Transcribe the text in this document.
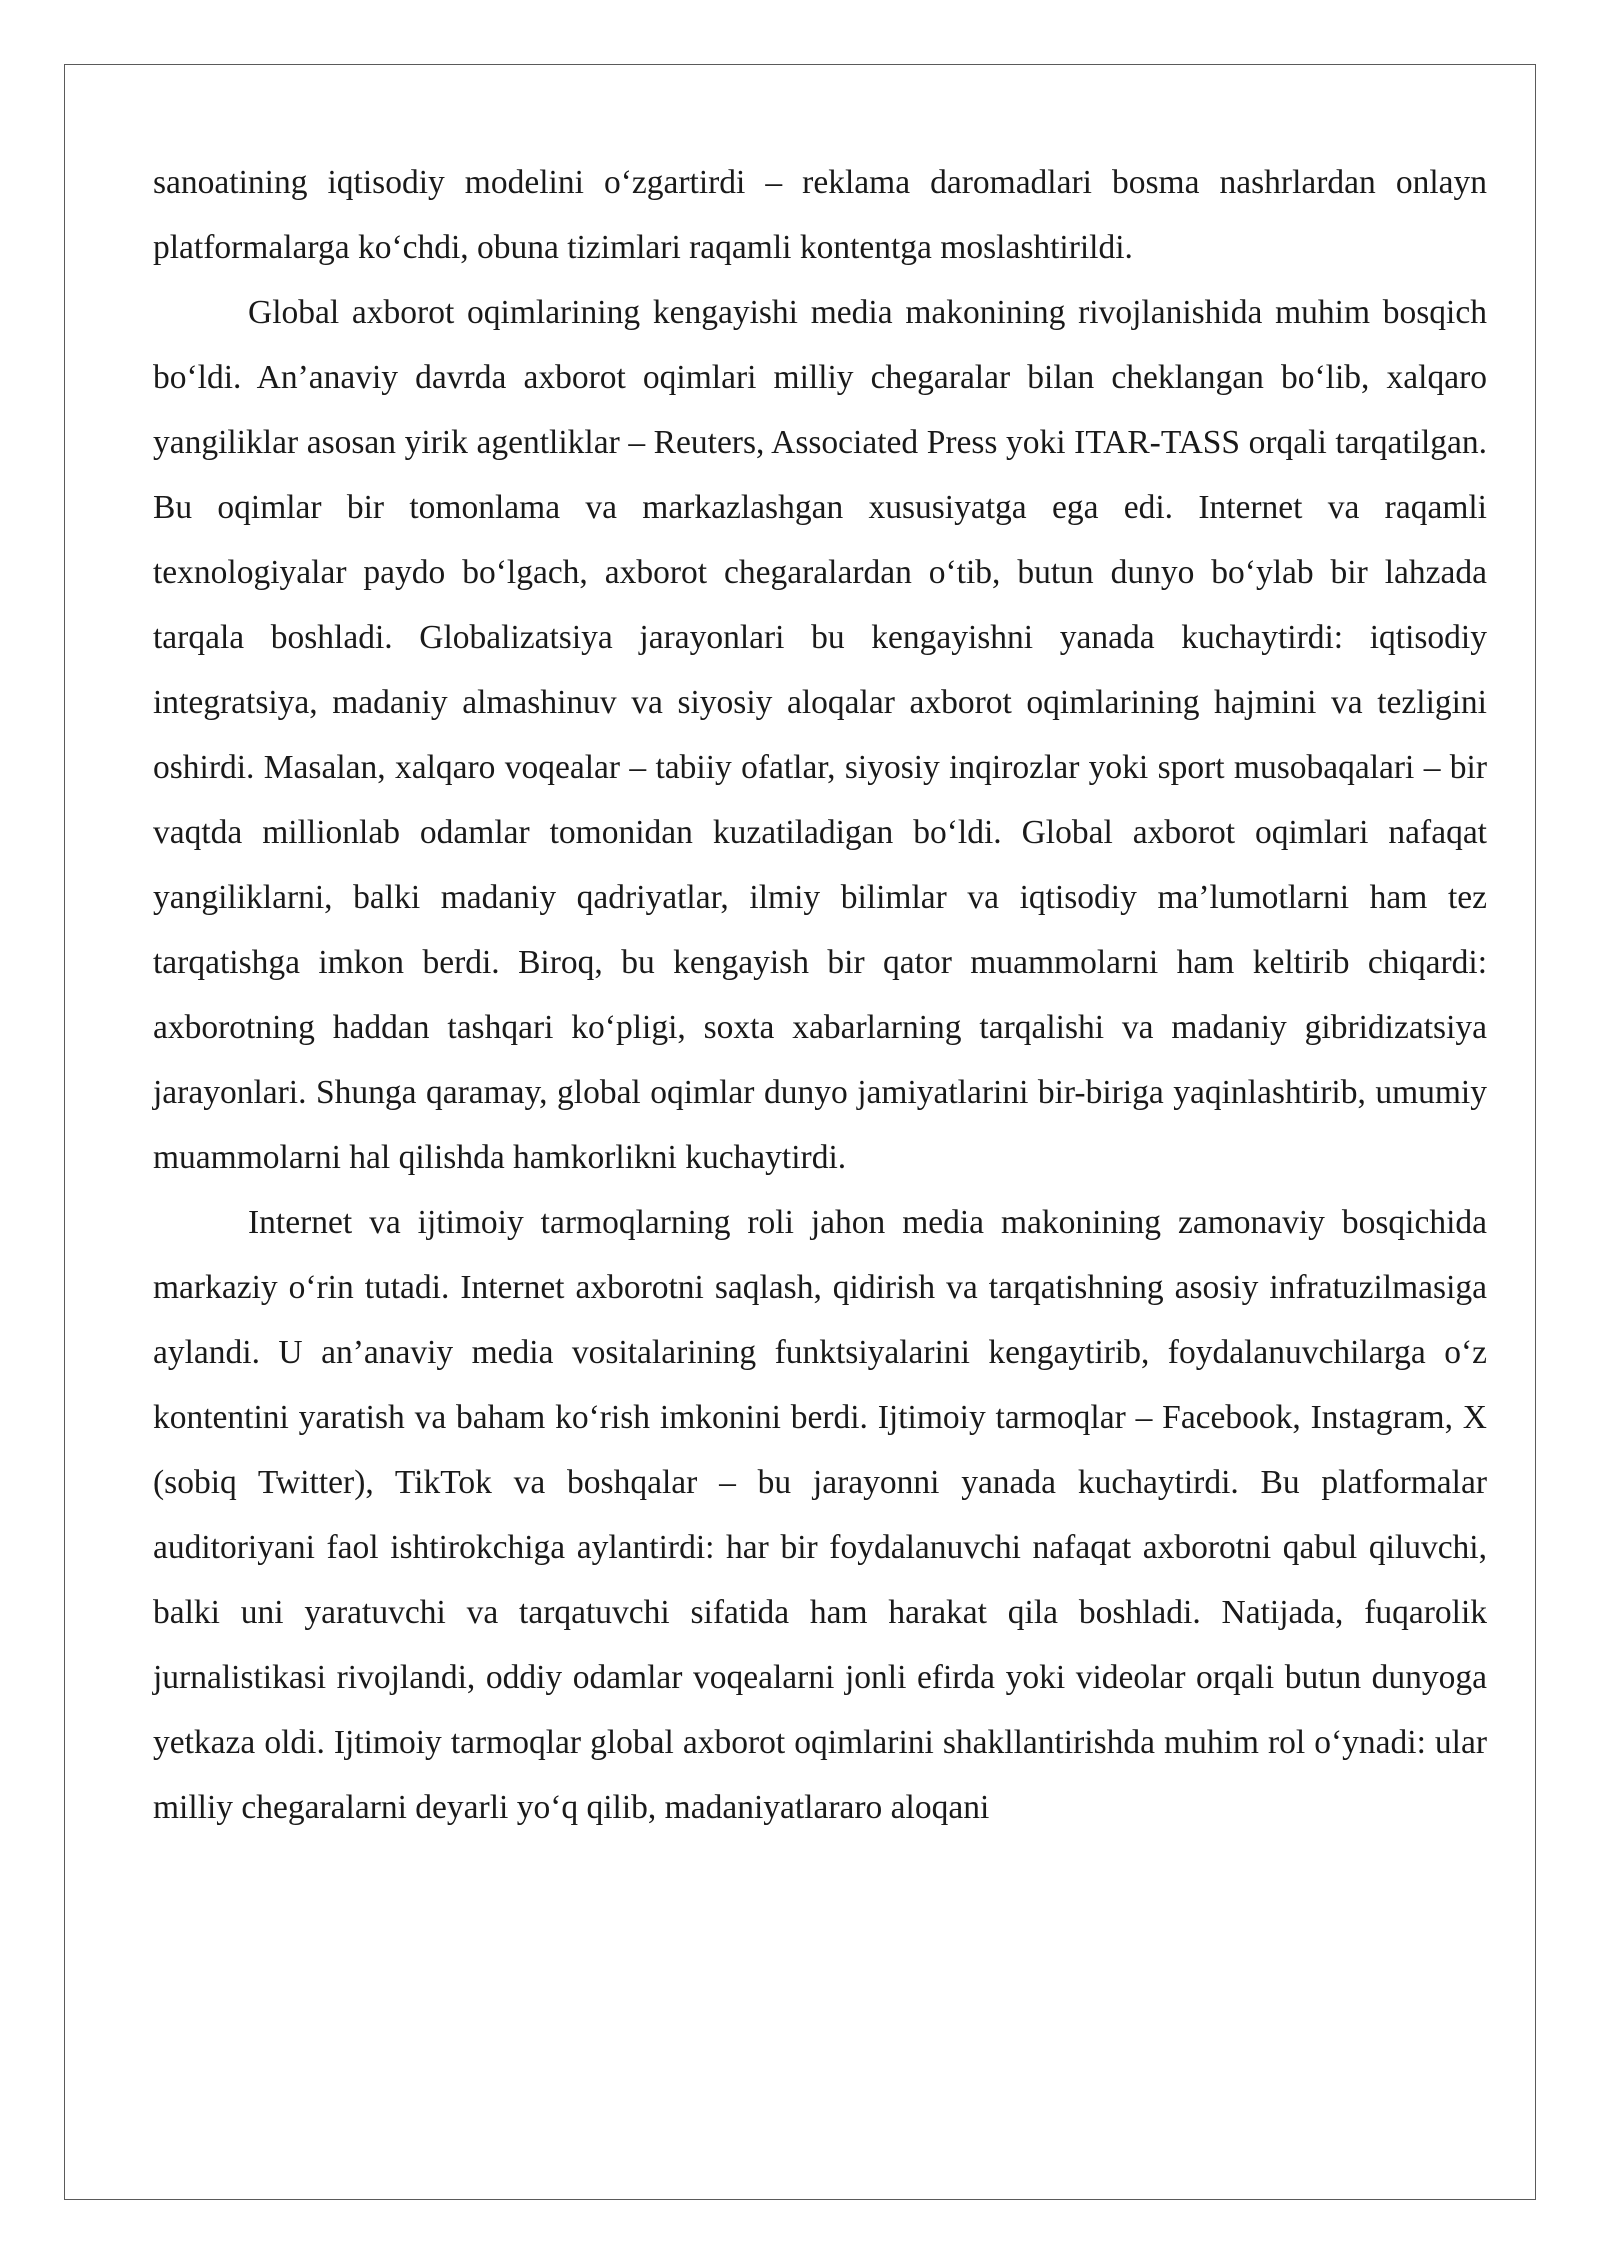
sanoatining iqtisodiy modelini o‘zgartirdi – reklama daromadlari bosma nashrlardan onlayn platformalarga ko‘chdi, obuna tizimlari raqamli kontentga moslashtirildi.

Global axborot oqimlarining kengayishi media makonining rivojlanishida muhim bosqich bo‘ldi. An’anaviy davrda axborot oqimlari milliy chegaralar bilan cheklangan bo‘lib, xalqaro yangiliklar asosan yirik agentliklar – Reuters, Associated Press yoki ITAR-TASS orqali tarqatilgan. Bu oqimlar bir tomonlama va markazlashgan xususiyatga ega edi. Internet va raqamli texnologiyalar paydo bo‘lgach, axborot chegaralardan o‘tib, butun dunyo bo‘ylab bir lahzada tarqala boshladi. Globalizatsiya jarayonlari bu kengayishni yanada kuchaytirdi: iqtisodiy integratsiya, madaniy almashinuv va siyosiy aloqalar axborot oqimlarining hajmini va tezligini oshirdi. Masalan, xalqaro voqealar – tabiiy ofatlar, siyosiy inqirozlar yoki sport musobaqalari – bir vaqtda millionlab odamlar tomonidan kuzatiladigan bo‘ldi. Global axborot oqimlari nafaqat yangiliklarni, balki madaniy qadriyatlar, ilmiy bilimlar va iqtisodiy ma’lumotlarni ham tez tarqatishga imkon berdi. Biroq, bu kengayish bir qator muammolarni ham keltirib chiqardi: axborotning haddan tashqari ko‘pligi, soxta xabarlarning tarqalishi va madaniy gibridizatsiya jarayonlari. Shunga qaramay, global oqimlar dunyo jamiyatlarini bir-biriga yaqinlashtirib, umumiy muammolarni hal qilishda hamkorlikni kuchaytirdi.

Internet va ijtimoiy tarmoqlarning roli jahon media makonining zamonaviy bosqichida markaziy o‘rin tutadi. Internet axborotni saqlash, qidirish va tarqatishning asosiy infratuzilmasiga aylandi. U an’anaviy media vositalarining funktsiyalarini kengaytirib, foydalanuvchilarga o‘z kontentini yaratish va baham ko‘rish imkonini berdi. Ijtimoiy tarmoqlar – Facebook, Instagram, X (sobiq Twitter), TikTok va boshqalar – bu jarayonni yanada kuchaytirdi. Bu platformalar auditoriyani faol ishtirokchiga aylantirdi: har bir foydalanuvchi nafaqat axborotni qabul qiluvchi, balki uni yaratuvchi va tarqatuvchi sifatida ham harakat qila boshladi. Natijada, fuqarolik jurnalistikasi rivojlandi, oddiy odamlar voqealarni jonli efirda yoki videolar orqali butun dunyoga yetkaza oldi. Ijtimoiy tarmoqlar global axborot oqimlarini shakllantirishda muhim rol o‘ynadi: ular milliy chegaralarni deyarli yo‘q qilib, madaniyatlararo aloqani
